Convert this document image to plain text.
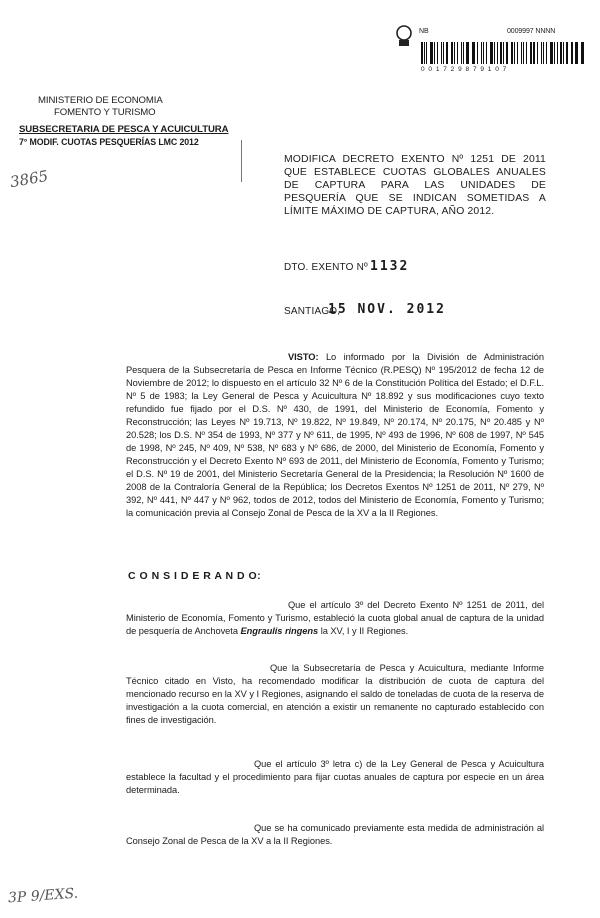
NB	0009997 NNNN
0 0 1 7 2 9 8 7 9 1 0 7
MINISTERIO DE ECONOMIA
FOMENTO Y TURISMO
SUBSECRETARIA DE PESCA Y ACUICULTURA
7° MODIF. CUOTAS PESQUERÍAS LMC 2012
3865
MODIFICA DECRETO EXENTO Nº 1251 DE 2011 QUE ESTABLECE CUOTAS GLOBALES ANUALES DE CAPTURA PARA LAS UNIDADES DE PESQUERÍA QUE SE INDICAN SOMETIDAS A LÍMITE MÁXIMO DE CAPTURA, AÑO 2012.
DTO. EXENTO Nº 1132
SANTIAGO,
15 NOV. 2012
VISTO: Lo informado por la División de Administración Pesquera de la Subsecretaría de Pesca en Informe Técnico (R.PESQ) Nº 195/2012 de fecha 12 de Noviembre de 2012; lo dispuesto en el artículo 32 Nº 6 de la Constitución Política del Estado; el D.F.L. Nº 5 de 1983; la Ley General de Pesca y Acuicultura Nº 18.892 y sus modificaciones cuyo texto refundido fue fijado por el D.S. Nº 430, de 1991, del Ministerio de Economía, Fomento y Reconstrucción; las Leyes Nº 19.713, Nº 19.822, Nº 19.849, Nº 20.174, Nº 20.175, Nº 20.485 y Nº 20.528; los D.S. Nº 354 de 1993, Nº 377 y Nº 611, de 1995, Nº 493 de 1996, Nº 608 de 1997, Nº 545 de 1998, Nº 245, Nº 409, Nº 538, Nº 683 y Nº 686, de 2000, del Ministerio de Economía, Fomento y Reconstrucción y el Decreto Exento Nº 693 de 2011, del Ministerio de Economía, Fomento y Turismo; el D.S. Nº 19 de 2001, del Ministerio Secretaría General de la Presidencia; la Resolución Nº 1600 de 2008 de la Contraloría General de la República; los Decretos Exentos Nº 1251 de 2011, Nº 279, Nº 392, Nº 441, Nº 447 y Nº 962, todos de 2012, todos del Ministerio de Economía, Fomento y Turismo; la comunicación previa al Consejo Zonal de Pesca de la XV a la II Regiones.
C O N S I D E R A N D O:
Que el artículo 3º del Decreto Exento Nº 1251 de 2011, del Ministerio de Economía, Fomento y Turismo, estableció la cuota global anual de captura de la unidad de pesquería de Anchoveta Engraulis ringens la XV, I y II Regiones.
Que la Subsecretaría de Pesca y Acuicultura, mediante Informe Técnico citado en Visto, ha recomendado modificar la distribución de cuota de captura del mencionado recurso en la XV y I Regiones, asignando el saldo de toneladas de cuota de la reserva de investigación a la cuota comercial, en atención a existir un remanente no capturado establecido con fines de investigación.
Que el artículo 3º letra c) de la Ley General de Pesca y Acuicultura establece la facultad y el procedimiento para fijar cuotas anuales de captura por especie en un área determinada.
Que se ha comunicado previamente esta medida de administración al Consejo Zonal de Pesca de la XV a la II Regiones.
3P 9/EXS.
